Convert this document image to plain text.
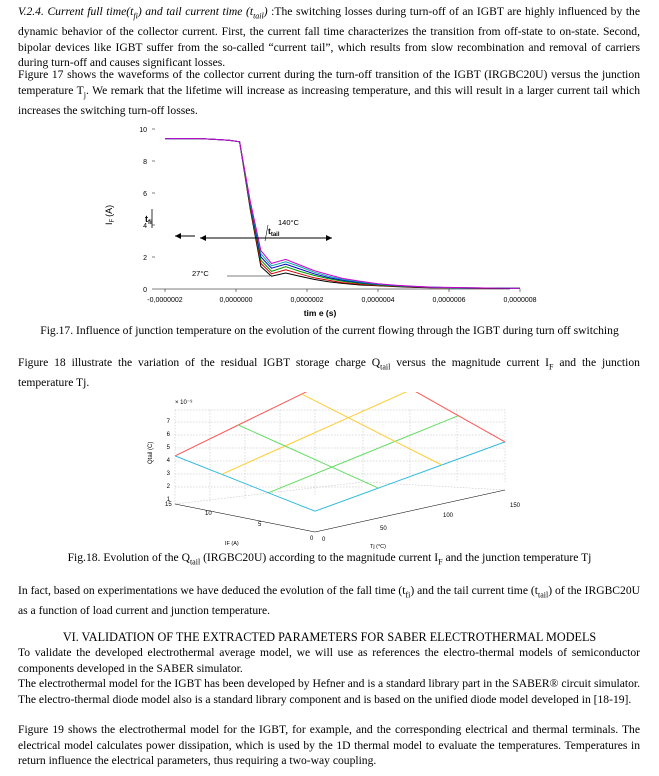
V.2.4. Current full $time(t_{fi})$ and tail current time $(t_{tail})$ :The switching losses during turn-off of an IGBT are highly influenced by the dynamic behavior of the collector current. First, the current fall time characterizes the transition from off-state to on-state. Second, bipolar devices like IGBT suffer from the so-called “current tail”, which results from slow recombination and removal of carriers during turn-off and causes significant losses.

Figure 17 shows the waveforms of the collector current during the turn-off transition of the IGBT (IRGBC20U) versus the junction temperature $T_j$. We remark that the lifetime will increase as increasing temperature, and this will result in a larger current tail which increases the switching turn-off losses.

0
2
4
6
8
10
-0,0000002	0,0000000	0,0000002	0,0000004	0,0000006	0,0000008
$I_F(A)$
tim e (s)
$t_{fi}$	140°C
$t_{tail}$
27°C
Fig.17. Influence of junction temperature on the evolution of the current flowing through the IGBT during turn off switching

Figure 18 illustrate the variation of the residual IGBT storage charge $Q_{tail}$ versus the magnitude current $I_F$ and the junction temperature Tj.

× 10⁻⁹
Qtail (C)
1
2
3
4
5
6
7
15
10
5
0 0
50
100
150
IF (A)	Tj (°C)
Fig.18. Evolution of the $Q_{tail}$ (IRGBC20U) according to the magnitude current $I_F$ and the junction temperature Tj

In fact, based on experimentations we have deduced the evolution of the fall time $(t_{fi})$ and the tail current time $(t_{tail})$ of the IRGBC20U as a function of load current and junction temperature.

VI. VALIDATION OF THE EXTRACTED PARAMETERS FOR SABER ELECTROTHERMAL MODELS

To validate the developed electrothermal average model, we will use as references the electro-thermal models of semiconductor components developed in the SABER simulator.

The electrothermal model for the IGBT has been developed by Hefner and is a standard library part in the SABER® circuit simulator. The electro-thermal diode model also is a standard library component and is based on the unified diode model developed in [18-19].

Figure 19 shows the electrothermal model for the IGBT, for example, and the corresponding electrical and thermal terminals. The electrical model calculates power dissipation, which is used by the 1D thermal model to evaluate the temperatures. Temperatures in return influence the electrical parameters, thus requiring a two-way coupling.
